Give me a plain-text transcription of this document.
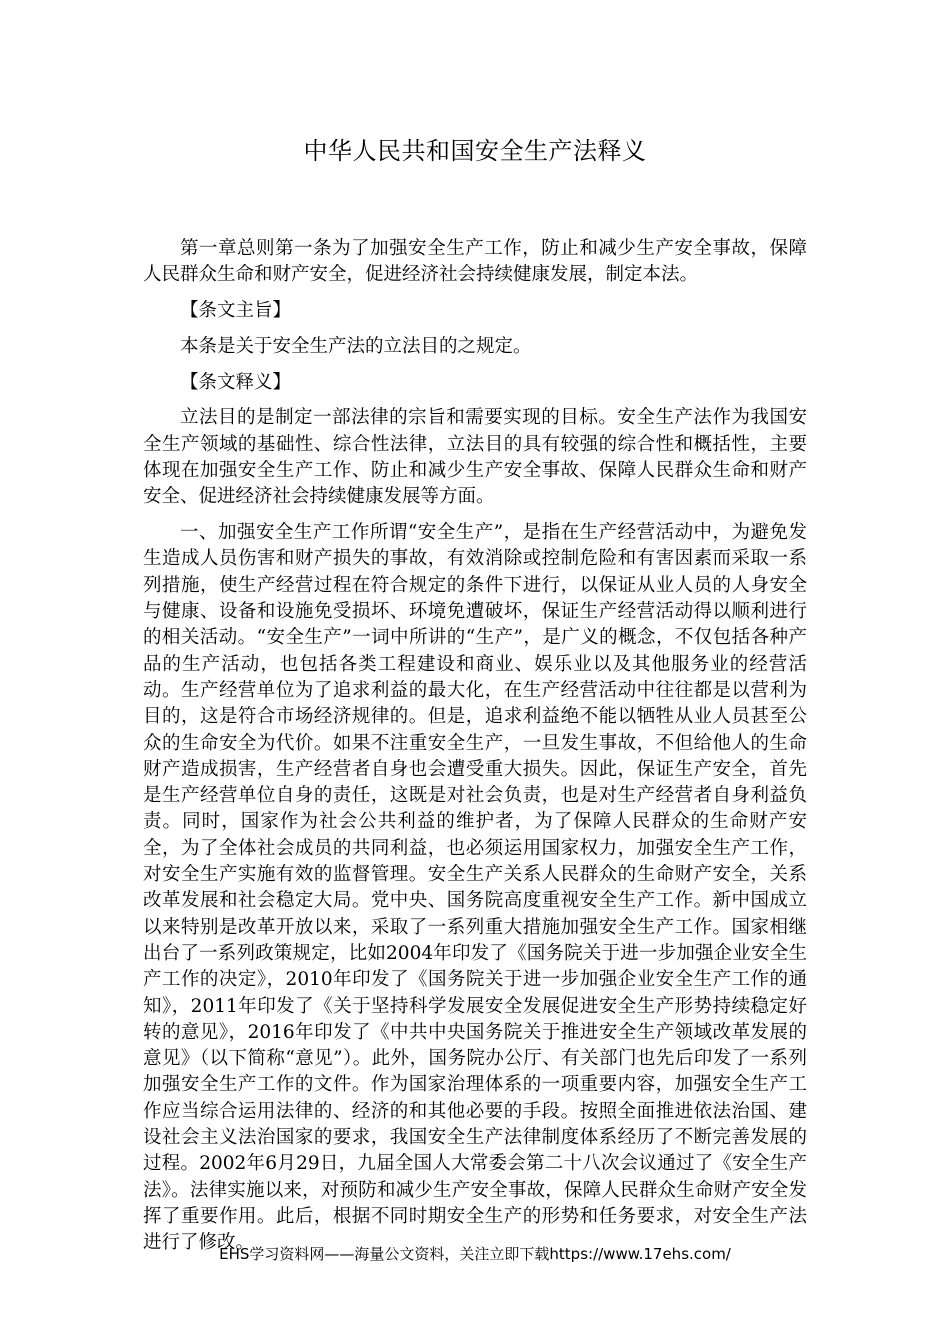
中华人民共和国安全生产法释义

第一章总则第一条为了加强安全生产工作，防止和减少生产安全事故，保障人民群众生命和财产安全，促进经济社会持续健康发展，制定本法。

【条文主旨】

本条是关于安全生产法的立法目的之规定。

【条文释义】

立法目的是制定一部法律的宗旨和需要实现的目标。安全生产法作为我国安全生产领域的基础性、综合性法律，立法目的具有较强的综合性和概括性，主要体现在加强安全生产工作、防止和减少生产安全事故、保障人民群众生命和财产安全、促进经济社会持续健康发展等方面。

一、加强安全生产工作所谓“安全生产”，是指在生产经营活动中，为避免发生造成人员伤害和财产损失的事故，有效消除或控制危险和有害因素而采取一系列措施，使生产经营过程在符合规定的条件下进行，以保证从业人员的人身安全与健康、设备和设施免受损坏、环境免遭破坏，保证生产经营活动得以顺利进行的相关活动。“安全生产”一词中所讲的“生产”，是广义的概念，不仅包括各种产品的生产活动，也包括各类工程建设和商业、娱乐业以及其他服务业的经营活动。生产经营单位为了追求利益的最大化，在生产经营活动中往往都是以营利为目的，这是符合市场经济规律的。但是，追求利益绝不能以牺牲从业人员甚至公众的生命安全为代价。如果不注重安全生产，一旦发生事故，不但给他人的生命财产造成损害，生产经营者自身也会遭受重大损失。因此，保证生产安全，首先是生产经营单位自身的责任，这既是对社会负责，也是对生产经营者自身利益负责。同时，国家作为社会公共利益的维护者，为了保障人民群众的生命财产安全，为了全体社会成员的共同利益，也必须运用国家权力，加强安全生产工作，对安全生产实施有效的监督管理。安全生产关系人民群众的生命财产安全，关系改革发展和社会稳定大局。党中央、国务院高度重视安全生产工作。新中国成立以来特别是改革开放以来，采取了一系列重大措施加强安全生产工作。国家相继出台了一系列政策规定，比如2004年印发了《国务院关于进一步加强企业安全生产工作的决定》，2010年印发了《国务院关于进一步加强企业安全生产工作的通知》，2011年印发了《关于坚持科学发展安全发展促进安全生产形势持续稳定好转的意见》，2016年印发了《中共中央国务院关于推进安全生产领域改革发展的意见》（以下简称“意见”）。此外，国务院办公厅、有关部门也先后印发了一系列加强安全生产工作的文件。作为国家治理体系的一项重要内容，加强安全生产工作应当综合运用法律的、经济的和其他必要的手段。按照全面推进依法治国、建设社会主义法治国家的要求，我国安全生产法律制度体系经历了不断完善发展的过程。2002年6月29日，九届全国人大常委会第二十八次会议通过了《安全生产法》。法律实施以来，对预防和减少生产安全事故，保障人民群众生命财产安全发挥了重要作用。此后，根据不同时期安全生产的形势和任务要求，对安全生产法进行了修改。

EHS学习资料网——海量公文资料，关注立即下载https://www.17ehs.com/
